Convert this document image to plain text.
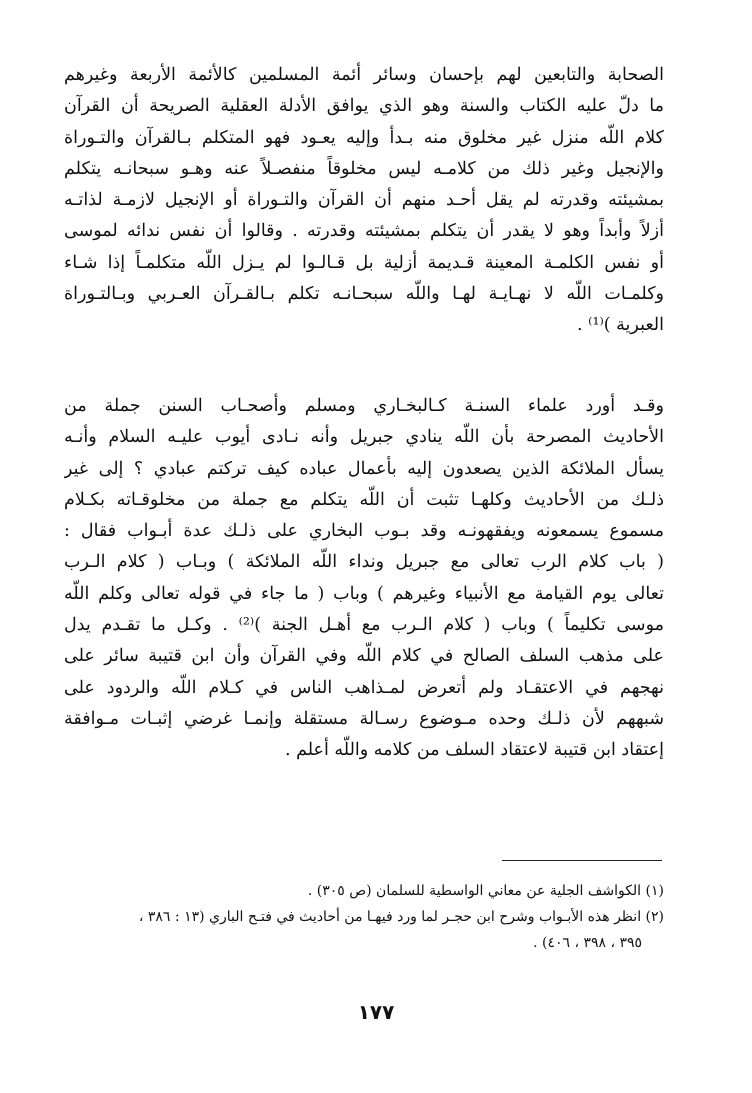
الصحابة والتابعين لهم بإحسان وسائر أئمة المسلمين كالأئمة الأربعة وغيرهم
ما دلّ عليه الكتاب والسنة وهو الذي يوافق الأدلة العقلية الصريحة أن القرآن
كلام اللّه منزل غير مخلوق منه بـدأ وإليه يعـود فهو المتكلم بـالقرآن والتـوراة
والإنجيل وغير ذلك من كلامـه ليس مخلوقاً منفصـلاً عنه وهـو سبحانـه يتكلم
بمشيئته وقدرته لم يقل أحـد منهم أن القرآن والتـوراة أو الإنجيل لازمـة لذاتـه
أزلاً وأبداً وهو لا يقدر أن يتكلم بمشيئته وقدرته . وقالوا أن نفس ندائه لموسى
أو نفس الكلمـة المعينة قـديمة أزلية بل قـالـوا لم يـزل اللّه متكلمـاً إذا شـاء
وكلمـات اللّه لا نهـايـة لهـا واللّه سبحـانـه تكلم بـالقـرآن العـربي وبـالتـوراة
العبرية )⁽¹⁾ .
وقـد أورد علماء السنـة كـالبخـاري ومسلم وأصحـاب السنن جملة من
الأحاديث المصرحة بأن اللّه ينادي جبريل وأنه نـادى أيوب عليـه السلام وأنـه
يسأل الملائكة الذين يصعدون إليه بأعمال عباده كيف تركتم عبادي ؟ إلى غير
ذلـك من الأحاديث وكلهـا تثبت أن اللّه يتكلم مع جملة من مخلوقـاته بكـلام
مسموع يسمعونه ويفقهونـه وقد بـوب البخاري على ذلـك عدة أبـواب فقال :
( باب كلام الرب تعالى مع جبريل ونداء اللّه الملائكة ) وبـاب ( كلام الـرب
تعالى يوم القيامة مع الأنبياء وغيرهم ) وباب ( ما جاء في قوله تعالى وكلم اللّه
موسى تكليماً ) وباب ( كلام الـرب مع أهـل الجنة )⁽²⁾ . وكـل ما تقـدم يدل
على مذهب السلف الصالح في كلام اللّه وفي القرآن وأن ابن قتيبة سائر على
نهجهم في الاعتقـاد ولم أتعرض لمـذاهب الناس في كـلام اللّه والردود على
شبههم لأن ذلـك وحده مـوضوع رسـالة مستقلة وإنمـا غرضي إثبـات مـوافقة
إعتقاد ابن قتيبة لاعتقاد السلف من كلامه واللّه أعلم .
(١) الكواشف الجلية عن معاني الواسطية للسلمان (ص ٣٠٥) .
(٢) انظر هذه الأبـواب وشرح ابن حجـر لما ورد فيهـا من أحاديث في فتـح الباري (١٣ : ٣٨٦ ،
٣٩٥ ، ٣٩٨ ، ٤٠٦) .
١٧٧
